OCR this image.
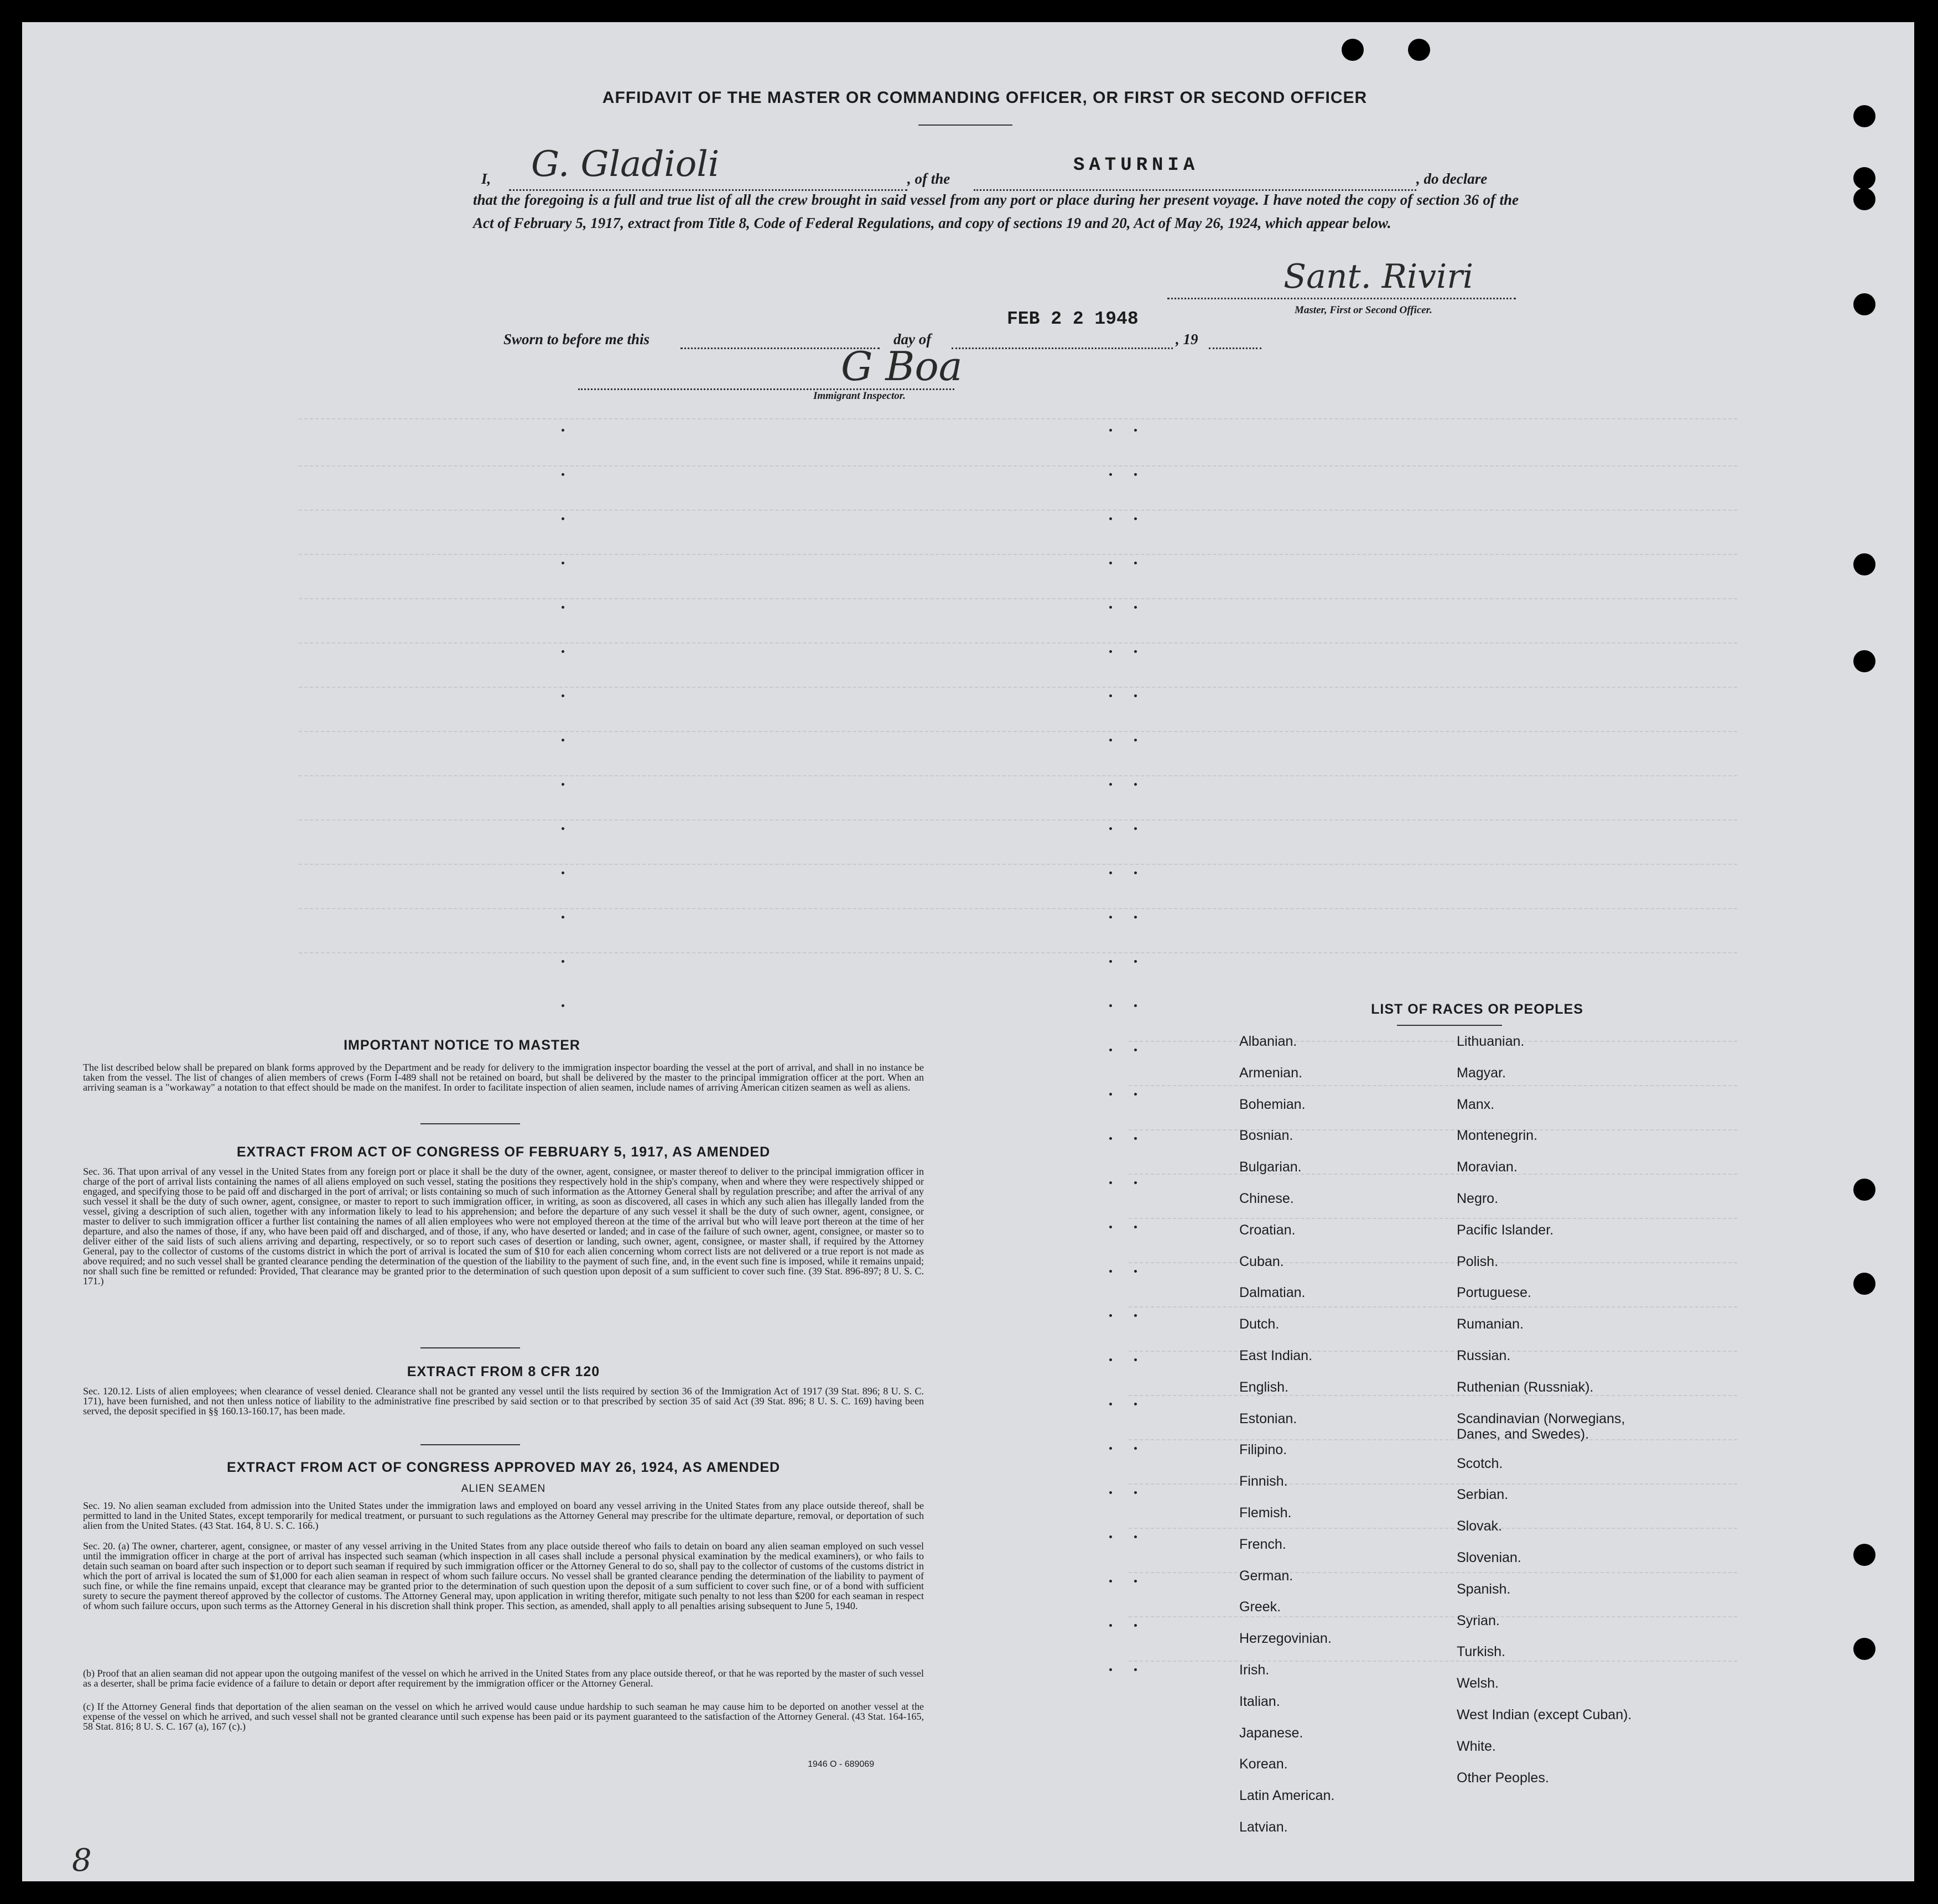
AFFIDAVIT OF THE MASTER OR COMMANDING OFFICER, OR FIRST OR SECOND OFFICER
I, G. Gladioli	, of the
SATURNIA
, do declare
that the foregoing is a full and true list of all the crew brought in said vessel from any port or place during her present voyage. I have noted the copy of section 36 of the Act of February 5, 1917, extract from Title 8, Code of Federal Regulations, and copy of sections 19 and 20, Act of May 26, 1924, which appear below.
Sant. Riviri
Master, First or Second Officer.
Sworn to before me this	day of
FEB 2 2 1948
, 19
G Boa
Immigrant Inspector.
IMPORTANT NOTICE TO MASTER
The list described below shall be prepared on blank forms approved by the Department and be ready for delivery to the immigration inspector boarding the vessel at the port of arrival, and shall in no instance be taken from the vessel. The list of changes of alien members of crews (Form I-489 shall not be retained on board, but shall be delivered by the master to the principal immigration officer at the port. When an arriving seaman is a "workaway" a notation to that effect should be made on the manifest. In order to facilitate inspection of alien seamen, include names of arriving American citizen seamen as well as aliens.
EXTRACT FROM ACT OF CONGRESS OF FEBRUARY 5, 1917, AS AMENDED
Sec. 36. That upon arrival of any vessel in the United States from any foreign port or place it shall be the duty of the owner, agent, consignee, or master thereof to deliver to the principal immigration officer in charge of the port of arrival lists containing the names of all aliens employed on such vessel, stating the positions they respectively hold in the ship's company, when and where they were respectively shipped or engaged, and specifying those to be paid off and discharged in the port of arrival; or lists containing so much of such information as the Attorney General shall by regulation prescribe; and after the arrival of any such vessel it shall be the duty of such owner, agent, consignee, or master to report to such immigration officer, in writing, as soon as discovered, all cases in which any such alien has illegally landed from the vessel, giving a description of such alien, together with any information likely to lead to his apprehension; and before the departure of any such vessel it shall be the duty of such owner, agent, consignee, or master to deliver to such immigration officer a further list containing the names of all alien employees who were not employed thereon at the time of the arrival but who will leave port thereon at the time of her departure, and also the names of those, if any, who have been paid off and discharged, and of those, if any, who have deserted or landed; and in case of the failure of such owner, agent, consignee, or master so to deliver either of the said lists of such aliens arriving and departing, respectively, or so to report such cases of desertion or landing, such owner, agent, consignee, or master shall, if required by the Attorney General, pay to the collector of customs of the customs district in which the port of arrival is located the sum of $10 for each alien concerning whom correct lists are not delivered or a true report is not made as above required; and no such vessel shall be granted clearance pending the determination of the question of the liability to the payment of such fine, and, in the event such fine is imposed, while it remains unpaid; nor shall such fine be remitted or refunded: Provided, That clearance may be granted prior to the determination of such question upon deposit of a sum sufficient to cover such fine. (39 Stat. 896-897; 8 U. S. C. 171.)
EXTRACT FROM 8 CFR 120
Sec. 120.12. Lists of alien employees; when clearance of vessel denied. Clearance shall not be granted any vessel until the lists required by section 36 of the Immigration Act of 1917 (39 Stat. 896; 8 U. S. C. 171), have been furnished, and not then unless notice of liability to the administrative fine prescribed by said section or to that prescribed by section 35 of said Act (39 Stat. 896; 8 U. S. C. 169) having been served, the deposit specified in §§ 160.13-160.17, has been made.
EXTRACT FROM ACT OF CONGRESS APPROVED MAY 26, 1924, AS AMENDED
ALIEN SEAMEN
Sec. 19. No alien seaman excluded from admission into the United States under the immigration laws and employed on board any vessel arriving in the United States from any place outside thereof, shall be permitted to land in the United States, except temporarily for medical treatment, or pursuant to such regulations as the Attorney General may prescribe for the ultimate departure, removal, or deportation of such alien from the United States. (43 Stat. 164, 8 U. S. C. 166.)
Sec. 20. (a) The owner, charterer, agent, consignee, or master of any vessel arriving in the United States from any place outside thereof who fails to detain on board any alien seaman employed on such vessel until the immigration officer in charge at the port of arrival has inspected such seaman (which inspection in all cases shall include a personal physical examination by the medical examiners), or who fails to detain such seaman on board after such inspection or to deport such seaman if required by such immigration officer or the Attorney General to do so, shall pay to the collector of customs of the customs district in which the port of arrival is located the sum of $1,000 for each alien seaman in respect of whom such failure occurs. No vessel shall be granted clearance pending the determination of the liability to payment of such fine, or while the fine remains unpaid, except that clearance may be granted prior to the determination of such question upon the deposit of a sum sufficient to cover such fine, or of a bond with sufficient surety to secure the payment thereof approved by the collector of customs. The Attorney General may, upon application in writing therefor, mitigate such penalty to not less than $200 for each seaman in respect of whom such failure occurs, upon such terms as the Attorney General in his discretion shall think proper. This section, as amended, shall apply to all penalties arising subsequent to June 5, 1940.
(b) Proof that an alien seaman did not appear upon the outgoing manifest of the vessel on which he arrived in the United States from any place outside thereof, or that he was reported by the master of such vessel as a deserter, shall be prima facie evidence of a failure to detain or deport after requirement by the immigration officer or the Attorney General.
(c) If the Attorney General finds that deportation of the alien seaman on the vessel on which he arrived would cause undue hardship to such seaman he may cause him to be deported on another vessel at the expense of the vessel on which he arrived, and such vessel shall not be granted clearance until such expense has been paid or its payment guaranteed to the satisfaction of the Attorney General. (43 Stat. 164-165, 58 Stat. 816; 8 U. S. C. 167 (a), 167 (c).)
1946 O - 689069
LIST OF RACES OR PEOPLES
Albanian.
Armenian.
Bohemian.
Bosnian.
Bulgarian.
Chinese.
Croatian.
Cuban.
Dalmatian.
Dutch.
East Indian.
English.
Estonian.
Filipino.
Finnish.
Flemish.
French.
German.
Greek.
Herzegovinian.
Irish.
Italian.
Japanese.
Korean.
Latin American.
Latvian.
Lithuanian.
Magyar.
Manx.
Montenegrin.
Moravian.
Negro.
Pacific Islander.
Polish.
Portuguese.
Rumanian.
Russian.
Ruthenian (Russniak).
Scandinavian (Norwegians, Danes, and Swedes).
Scotch.
Serbian.
Slovak.
Slovenian.
Spanish.
Syrian.
Turkish.
Welsh.
West Indian (except Cuban).
White.
Other Peoples.
8
